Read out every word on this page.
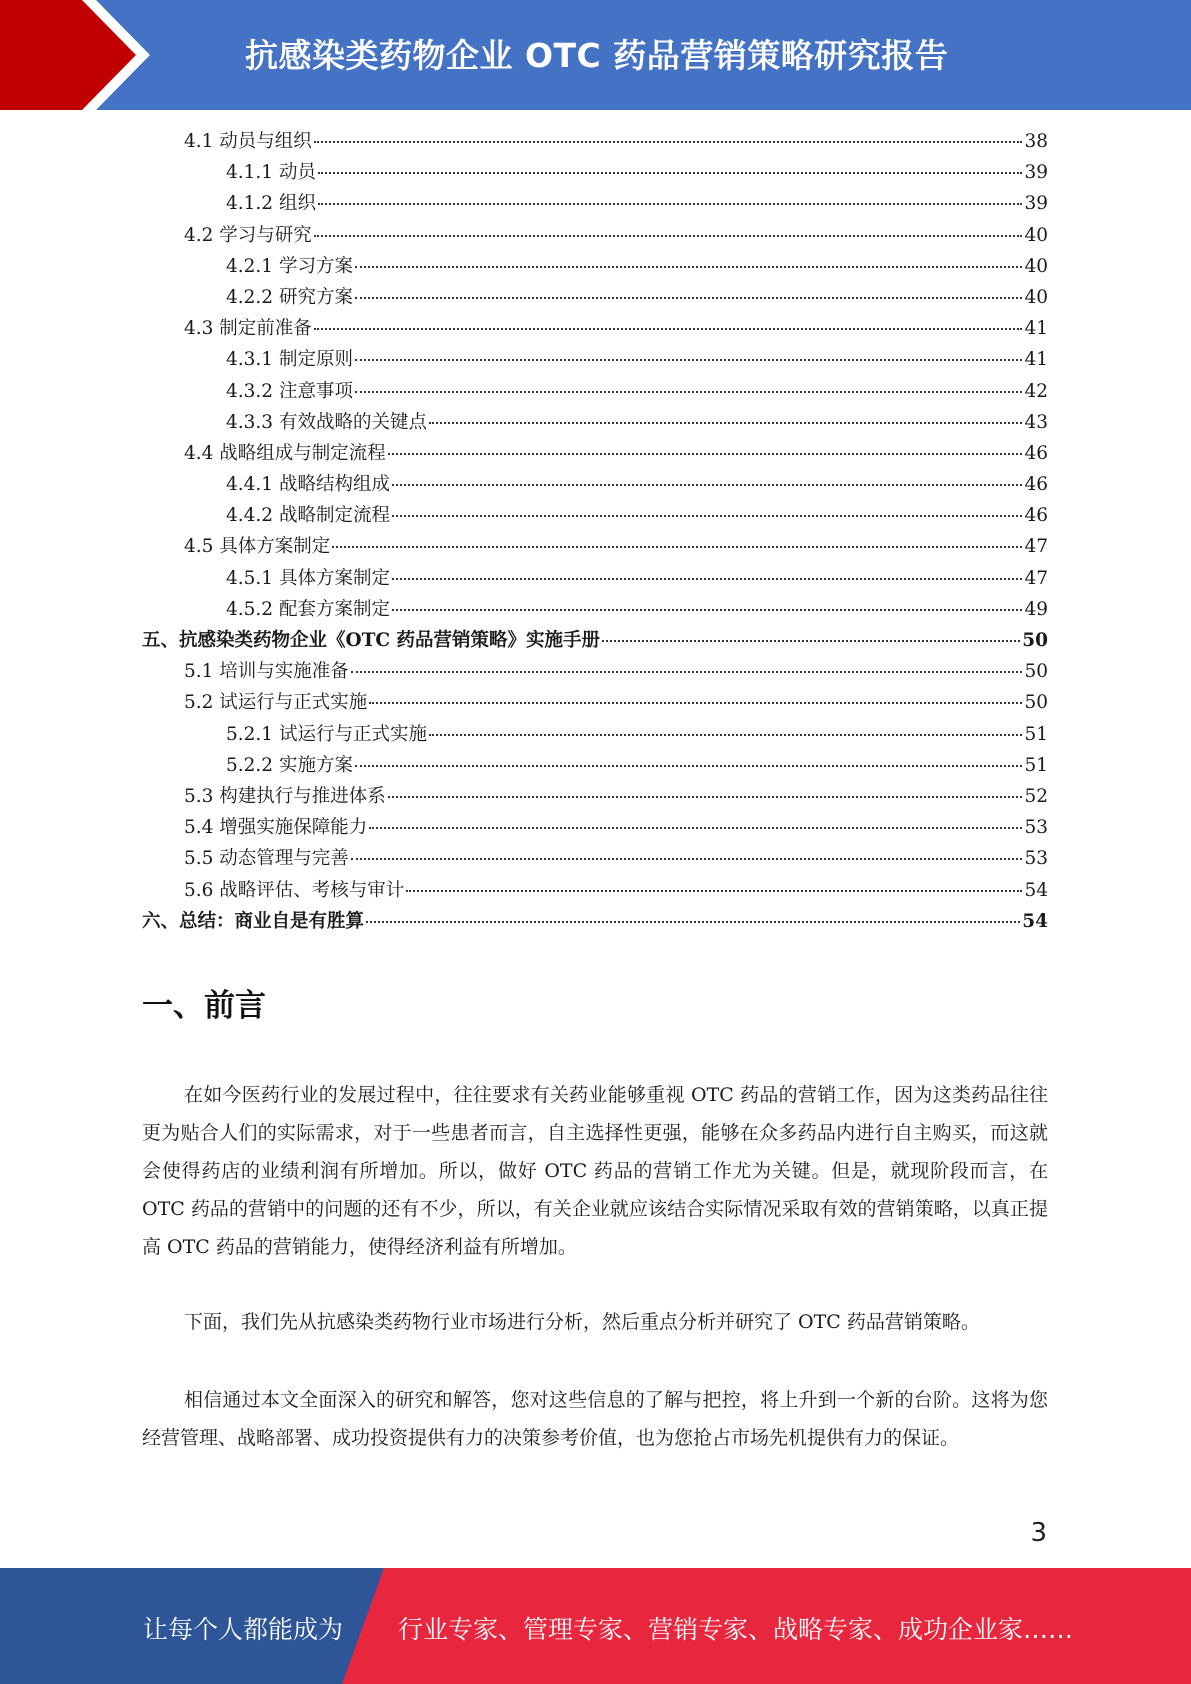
抗感染类药物企业 OTC 药品营销策略研究报告
4.1 动员与组织	38
4.1.1 动员	39
4.1.2 组织	39
4.2 学习与研究	40
4.2.1 学习方案	40
4.2.2 研究方案	40
4.3 制定前准备	41
4.3.1 制定原则	41
4.3.2 注意事项	42
4.3.3 有效战略的关键点	43
4.4 战略组成与制定流程	46
4.4.1 战略结构组成	46
4.4.2 战略制定流程	46
4.5 具体方案制定	47
4.5.1 具体方案制定	47
4.5.2 配套方案制定	49
五、抗感染类药物企业《OTC 药品营销策略》实施手册	50
5.1 培训与实施准备	50
5.2 试运行与正式实施	50
5.2.1 试运行与正式实施	51
5.2.2 实施方案	51
5.3 构建执行与推进体系	52
5.4 增强实施保障能力	53
5.5 动态管理与完善	53
5.6 战略评估、考核与审计	54
六、总结：商业自是有胜算	54
一、前言

在如今医药行业的发展过程中，往往要求有关药业能够重视 OTC 药品的营销工作，因为这类药品往往更为贴合人们的实际需求，对于一些患者而言，自主选择性更强，能够在众多药品内进行自主购买，而这就会使得药店的业绩利润有所增加。所以，做好 OTC 药品的营销工作尤为关键。但是，就现阶段而言，在 OTC 药品的营销中的问题的还有不少，所以，有关企业就应该结合实际情况采取有效的营销策略，以真正提高 OTC 药品的营销能力，使得经济利益有所增加。

下面，我们先从抗感染类药物行业市场进行分析，然后重点分析并研究了 OTC 药品营销策略。

相信通过本文全面深入的研究和解答，您对这些信息的了解与把控，将上升到一个新的台阶。这将为您经营管理、战略部署、成功投资提供有力的决策参考价值，也为您抢占市场先机提供有力的保证。

3
让每个人都能成为 行业专家、管理专家、营销专家、战略专家、成功企业家……
